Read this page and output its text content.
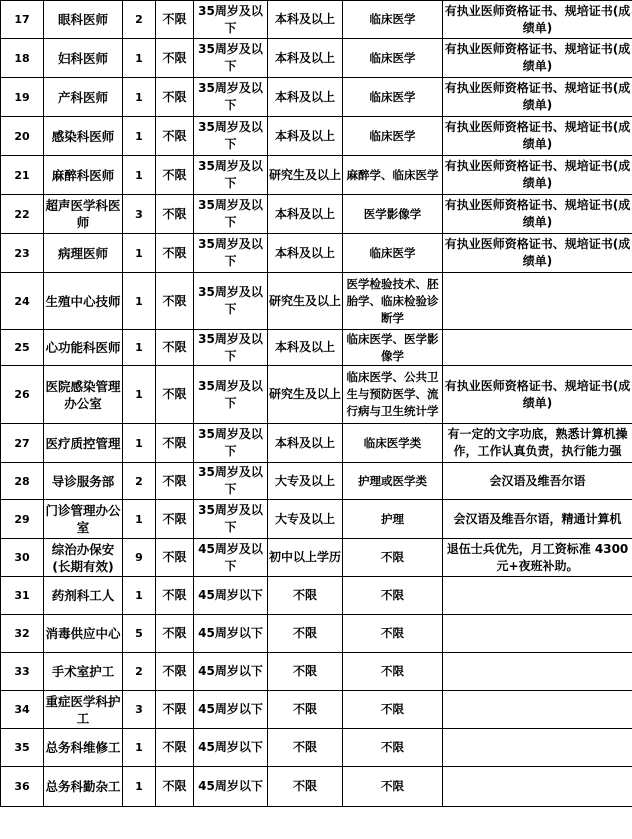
17	眼科医师	2	不限	35周岁及以下	本科及以上	临床医学	有执业医师资格证书、规培证书(成绩单)
18	妇科医师	1	不限	35周岁及以下	本科及以上	临床医学	有执业医师资格证书、规培证书(成绩单)
19	产科医师	1	不限	35周岁及以下	本科及以上	临床医学	有执业医师资格证书、规培证书(成绩单)
20	感染科医师	1	不限	35周岁及以下	本科及以上	临床医学	有执业医师资格证书、规培证书(成绩单)
21	麻醉科医师	1	不限	35周岁及以下	研究生及以上	麻醉学、临床医学	有执业医师资格证书、规培证书(成绩单)
22	超声医学科医师	3	不限	35周岁及以下	本科及以上	医学影像学	有执业医师资格证书、规培证书(成绩单)
23	病理医师	1	不限	35周岁及以下	本科及以上	临床医学	有执业医师资格证书、规培证书(成绩单)
24	生殖中心技师	1	不限	35周岁及以下	研究生及以上	医学检验技术、胚胎学、临床检验诊断学	
25	心功能科医师	1	不限	35周岁及以下	本科及以上	临床医学、医学影像学	
26	医院感染管理办公室	1	不限	35周岁及以下	研究生及以上	临床医学、公共卫生与预防医学、流行病与卫生统计学	有执业医师资格证书、规培证书(成绩单)
27	医疗质控管理	1	不限	35周岁及以下	本科及以上	临床医学类	有一定的文字功底，熟悉计算机操作，工作认真负责，执行能力强
28	导诊服务部	2	不限	35周岁及以下	大专及以上	护理或医学类	会汉语及维吾尔语
29	门诊管理办公室	1	不限	35周岁及以下	大专及以上	护理	会汉语及维吾尔语，精通计算机
30	综治办保安(长期有效)	9	不限	45周岁及以下	初中以上学历	不限	退伍士兵优先，月工资标准 4300元+夜班补助。
31	药剂科工人	1	不限	45周岁以下	不限	不限	
32	消毒供应中心	5	不限	45周岁以下	不限	不限	
33	手术室护工	2	不限	45周岁以下	不限	不限	
34	重症医学科护工	3	不限	45周岁以下	不限	不限	
35	总务科维修工	1	不限	45周岁以下	不限	不限	
36	总务科勤杂工	1	不限	45周岁以下	不限	不限	
